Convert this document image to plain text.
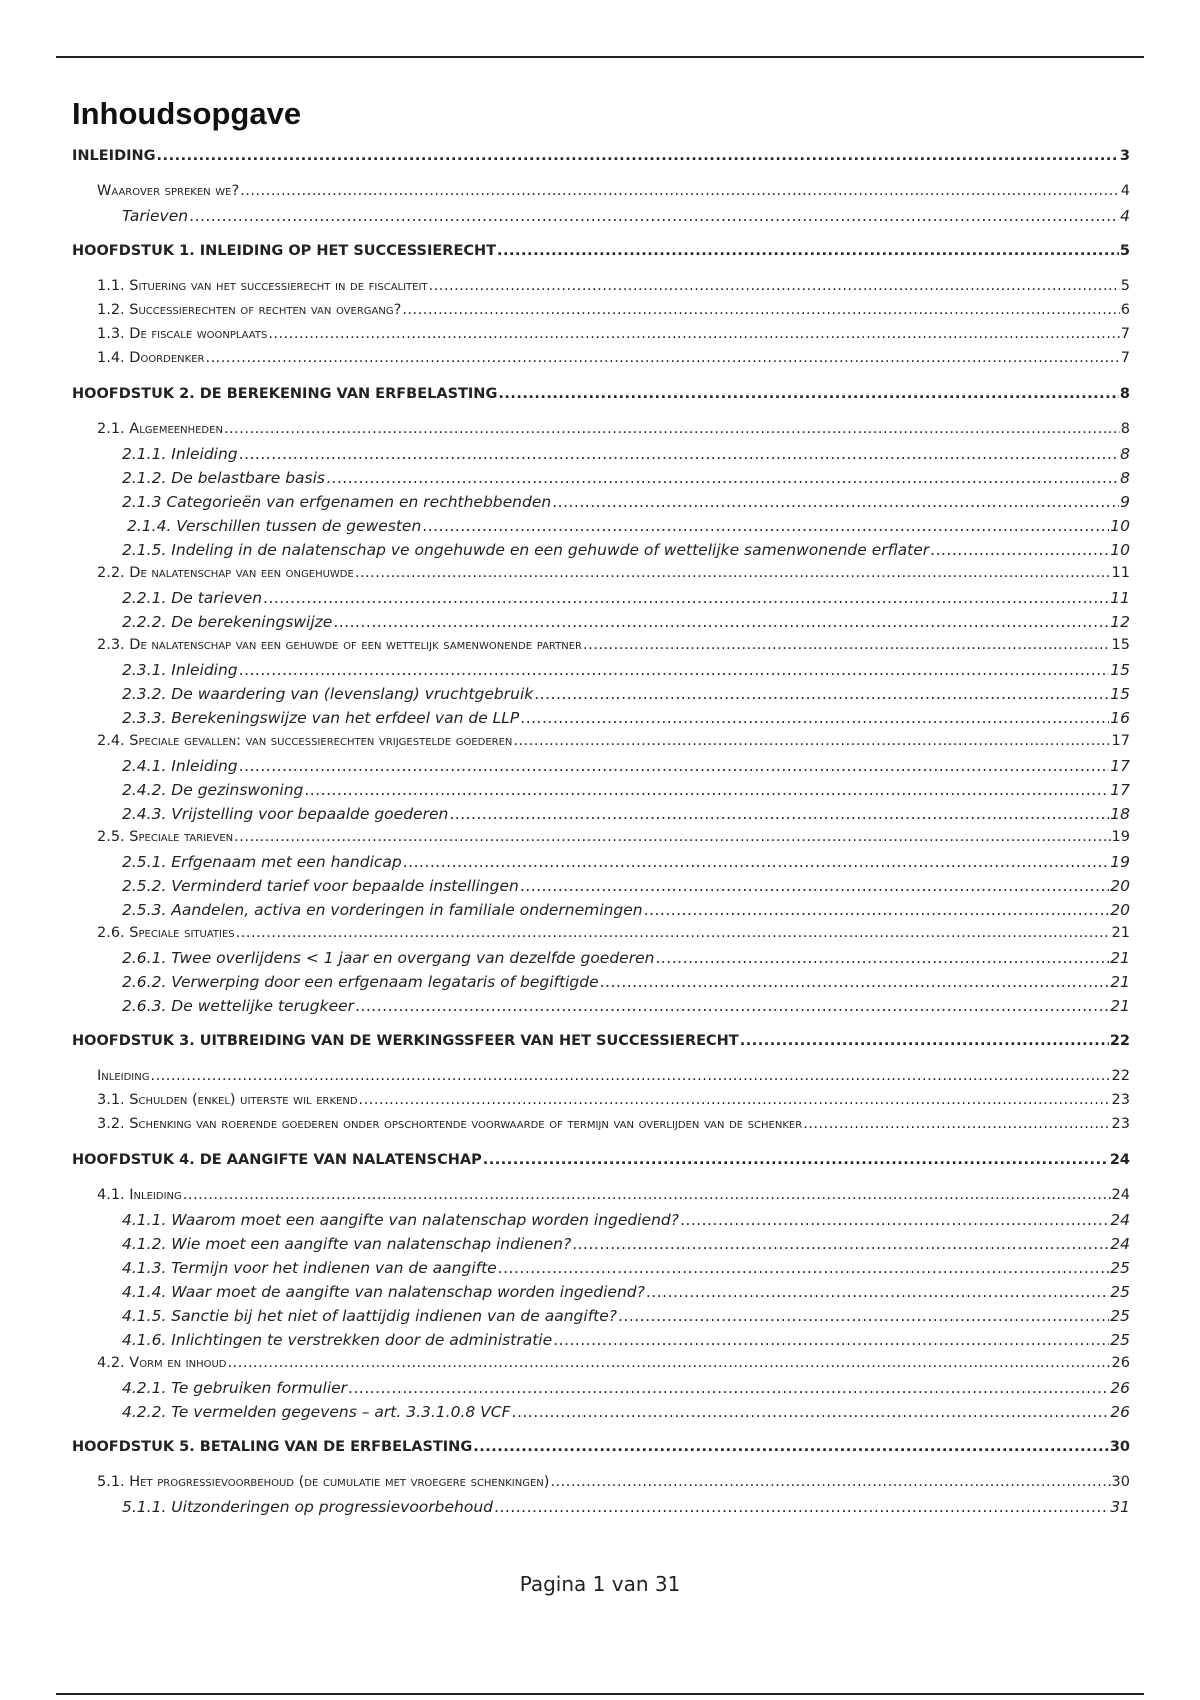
Inhoudsopgave
INLEIDING .....	3
Waarover spreken we? .....	4
Tarieven .....	4
HOOFDSTUK 1. INLEIDING OP HET SUCCESSIERECHT .....	5
1.1. Situering van het successierecht in de fiscaliteit .....	5
1.2. Successierechten of rechten van overgang? .....	6
1.3. De fiscale woonplaats .....	7
1.4. Doordenker .....	7
HOOFDSTUK 2. DE BEREKENING VAN ERFBELASTING .....	8
2.1. Algemeenheden .....	8
2.1.1. Inleiding .....	8
2.1.2. De belastbare basis .....	8
2.1.3 Categorieën van erfgenamen en rechthebbenden .....	9
2.1.4. Verschillen tussen de gewesten .....	10
2.1.5. Indeling in de nalatenschap ve ongehuwde en een gehuwde of wettelijke samenwonende erflater .....	10
2.2. De nalatenschap van een ongehuwde .....	11
2.2.1. De tarieven .....	11
2.2.2. De berekeningswijze .....	12
2.3. De nalatenschap van een gehuwde of een wettelijk samenwonende partner .....	15
2.3.1. Inleiding .....	15
2.3.2. De waardering van (levenslang) vruchtgebruik .....	15
2.3.3. Berekeningswijze van het erfdeel van de LLP .....	16
2.4. Speciale gevallen: van successierechten vrijgestelde goederen .....	17
2.4.1. Inleiding .....	17
2.4.2. De gezinswoning .....	17
2.4.3. Vrijstelling voor bepaalde goederen .....	18
2.5. Speciale tarieven .....	19
2.5.1. Erfgenaam met een handicap .....	19
2.5.2. Verminderd tarief voor bepaalde instellingen .....	20
2.5.3. Aandelen, activa en vorderingen in familiale ondernemingen .....	20
2.6. Speciale situaties .....	21
2.6.1. Twee overlijdens < 1 jaar en overgang van dezelfde goederen .....	21
2.6.2. Verwerping door een erfgenaam legataris of begiftigde .....	21
2.6.3. De wettelijke terugkeer .....	21
HOOFDSTUK 3. UITBREIDING VAN DE WERKINGSSFEER VAN HET SUCCESSIERECHT .....	22
Inleiding .....	22
3.1. Schulden (enkel) uiterste wil erkend .....	23
3.2. Schenking van roerende goederen onder opschortende voorwaarde of termijn van overlijden van de schenker .....	23
HOOFDSTUK 4. DE AANGIFTE VAN NALATENSCHAP .....	24
4.1. Inleiding .....	24
4.1.1. Waarom moet een aangifte van nalatenschap worden ingediend? .....	24
4.1.2. Wie moet een aangifte van nalatenschap indienen? .....	24
4.1.3. Termijn voor het indienen van de aangifte .....	25
4.1.4. Waar moet de aangifte van nalatenschap worden ingediend? .....	25
4.1.5. Sanctie bij het niet of laattijdig indienen van de aangifte? .....	25
4.1.6. Inlichtingen te verstrekken door de administratie .....	25
4.2. Vorm en inhoud .....	26
4.2.1. Te gebruiken formulier .....	26
4.2.2. Te vermelden gegevens – art. 3.3.1.0.8 VCF .....	26
HOOFDSTUK 5. BETALING VAN DE ERFBELASTING .....	30
5.1. Het progressievoorbehoud (de cumulatie met vroegere schenkingen) .....	30
5.1.1. Uitzonderingen op progressievoorbehoud .....	31
Pagina 1 van 31
